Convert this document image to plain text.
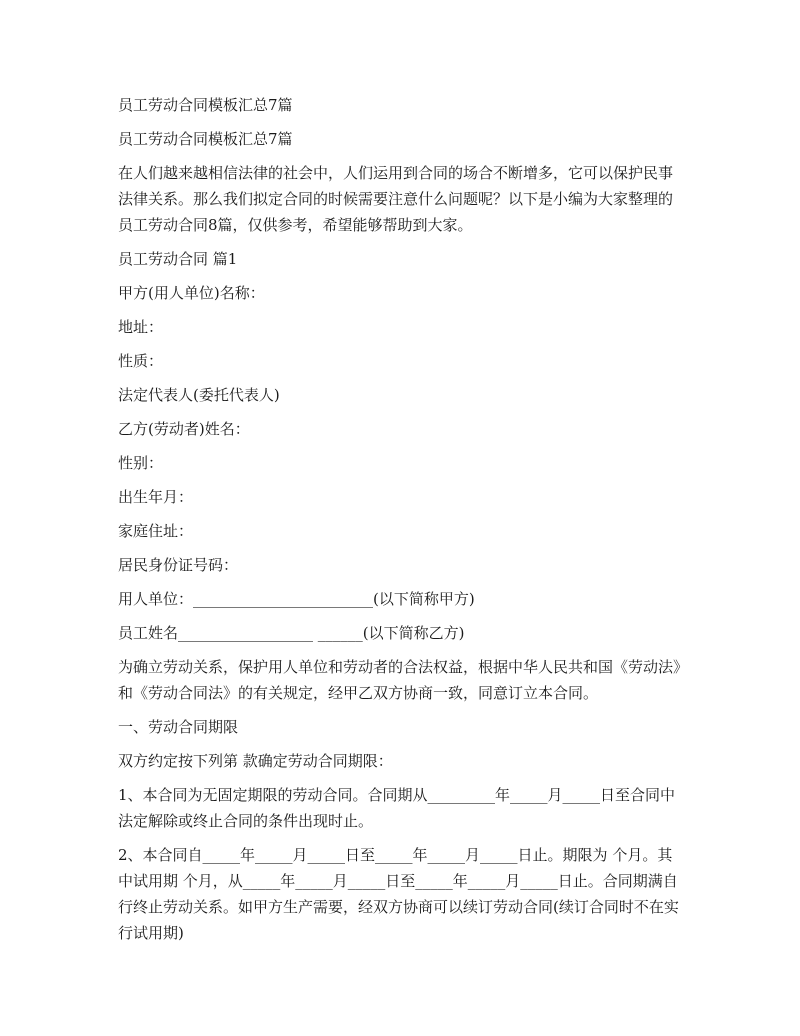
员工劳动合同模板汇总7篇

员工劳动合同模板汇总7篇

在人们越来越相信法律的社会中，人们运用到合同的场合不断增多，它可以保护民事法律关系。那么我们拟定合同的时候需要注意什么问题呢？以下是小编为大家整理的员工劳动合同8篇，仅供参考，希望能够帮助到大家。

员工劳动合同 篇1

甲方(用人单位)名称：

地址：

性质：

法定代表人(委托代表人)

乙方(劳动者)姓名：

性别：

出生年月：

家庭住址：

居民身份证号码：

用人单位：________________________(以下简称甲方)

员工姓名__________________ ______(以下简称乙方)

为确立劳动关系，保护用人单位和劳动者的合法权益，根据中华人民共和国《劳动法》和《劳动合同法》的有关规定，经甲乙双方协商一致，同意订立本合同。

一、劳动合同期限

双方约定按下列第 款确定劳动合同期限：

1、本合同为无固定期限的劳动合同。合同期从_________年_____月_____日至合同中法定解除或终止合同的条件出现时止。

2、本合同自_____年_____月_____日至_____年_____月_____日止。期限为 个月。其中试用期 个月，从_____年_____月_____日至_____年_____月_____日止。合同期满自行终止劳动关系。如甲方生产需要，经双方协商可以续订劳动合同(续订合同时不在实行试用期)
